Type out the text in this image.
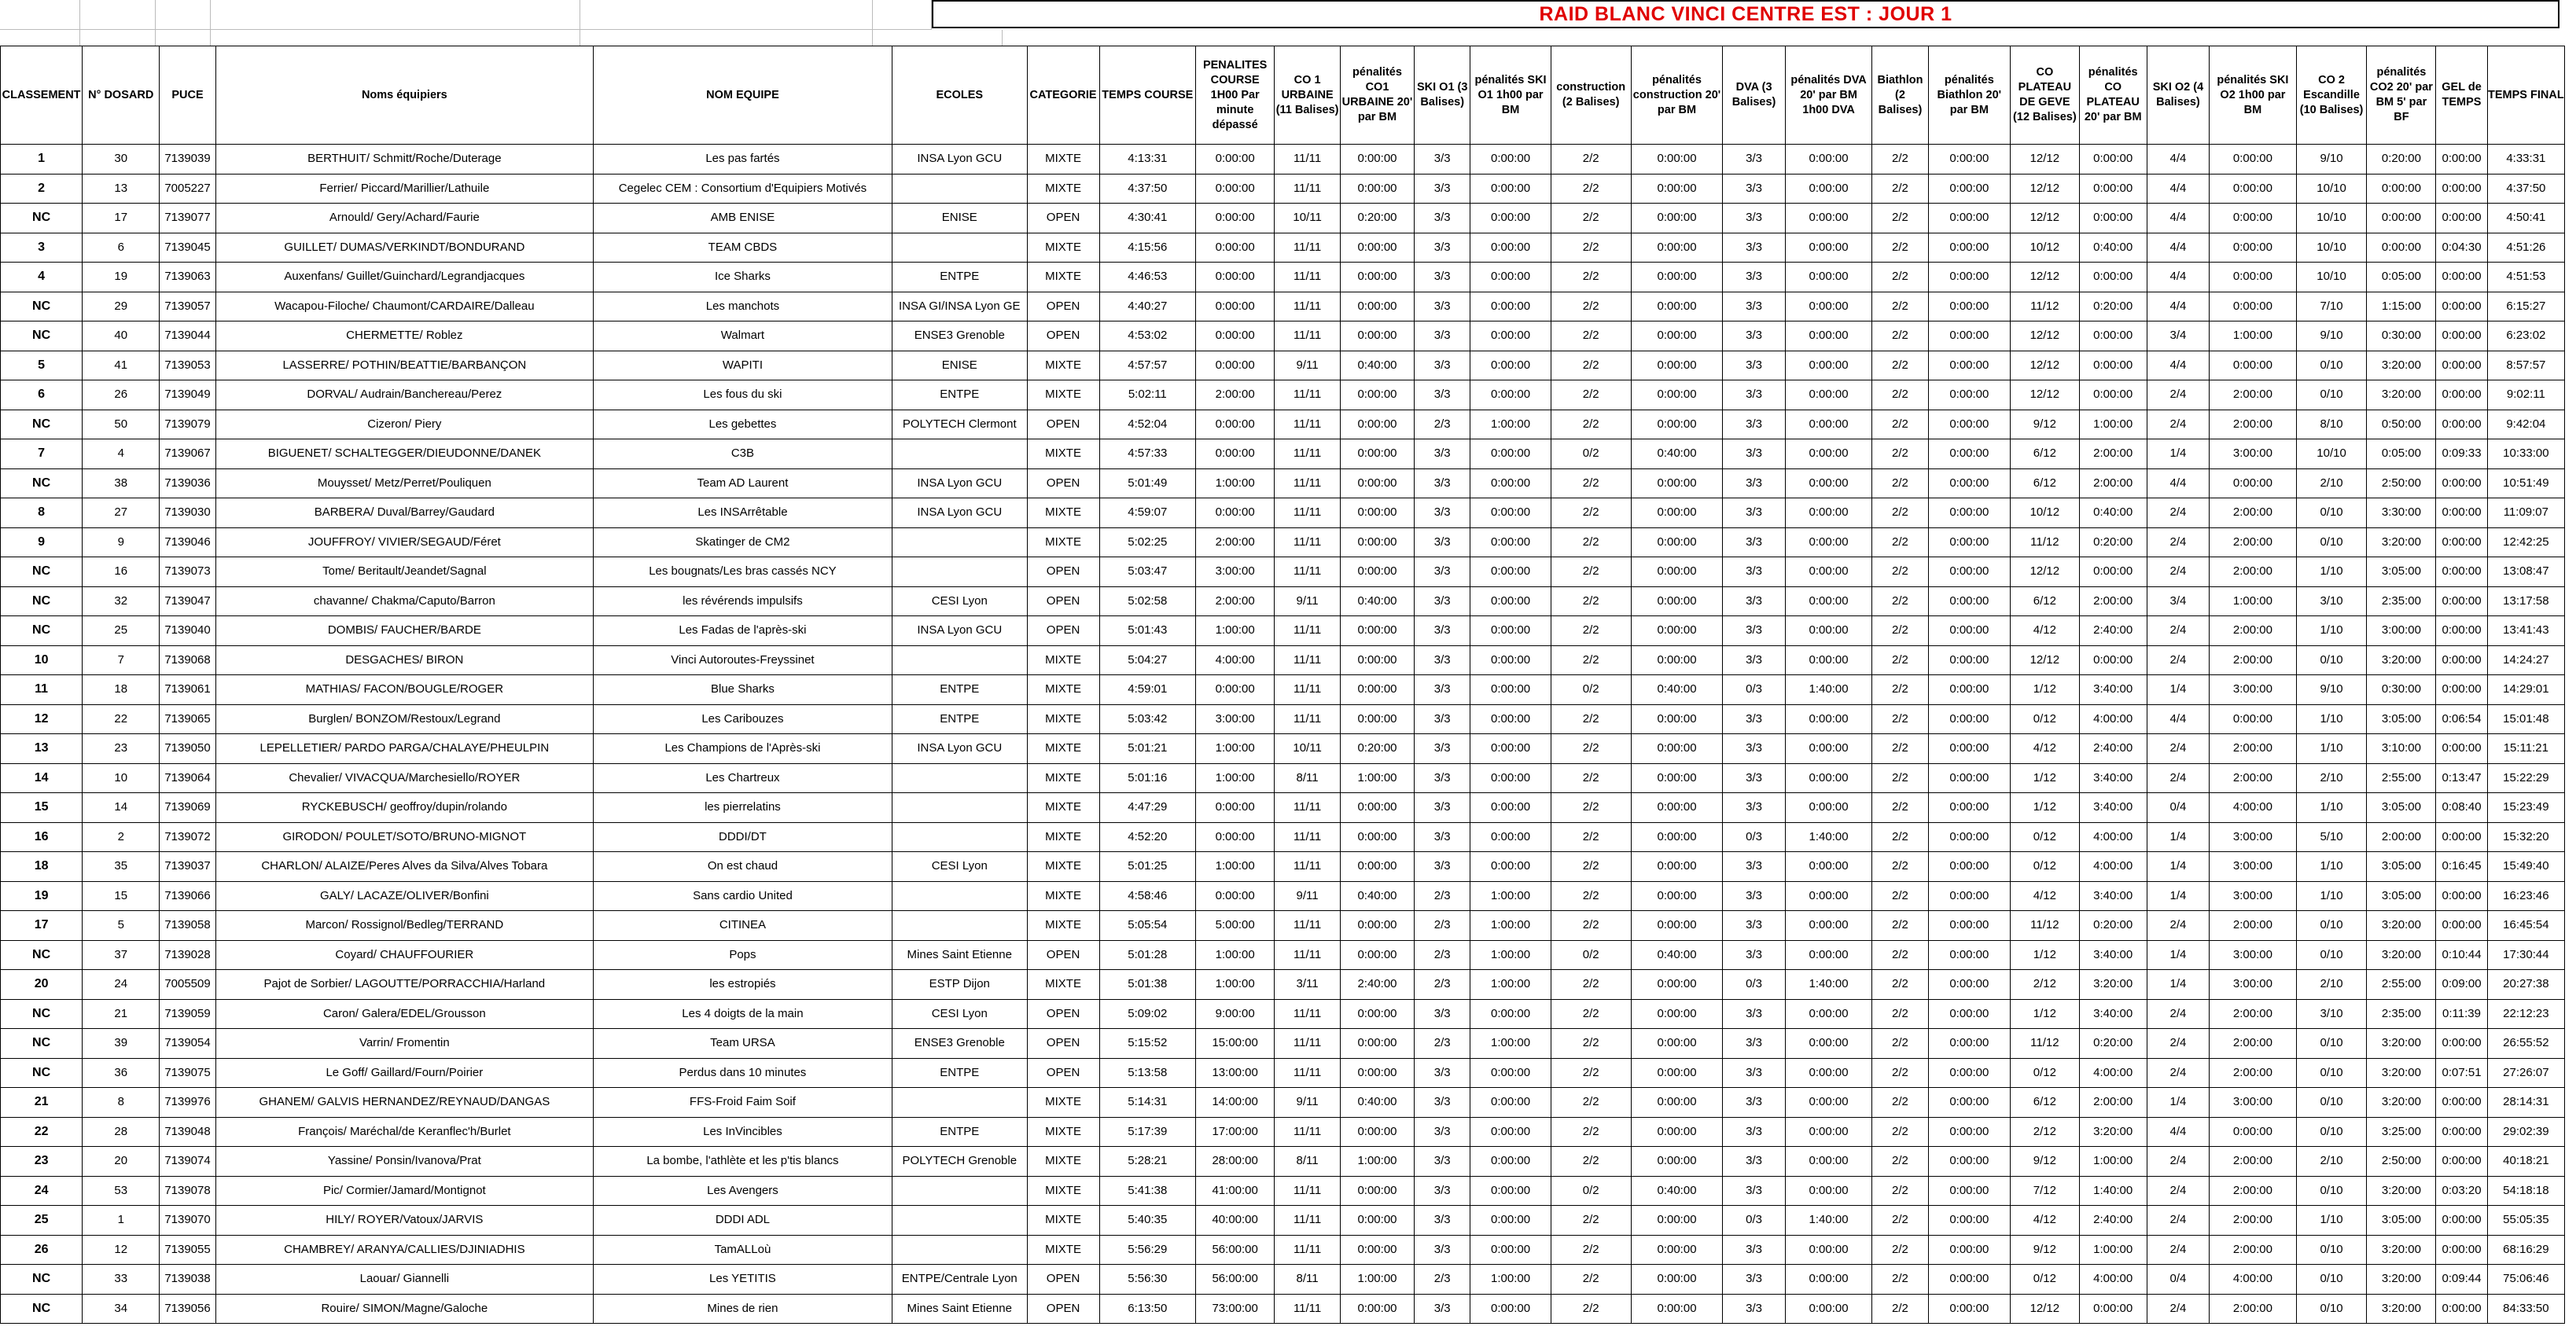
RAID BLANC VINCI CENTRE EST : JOUR 1
CLASSEMENT	N° DOSARD	PUCE	Noms équipiers	NOM EQUIPE	ECOLES	CATEGORIE	TEMPS COURSE	PENALITES COURSE 1H00 Par minute dépassé	CO 1 URBAINE (11 Balises)	pénalités CO1 URBAINE 20' par BM	SKI O1 (3 Balises)	pénalités SKI O1 1h00 par BM	construction (2 Balises)	pénalités construction 20' par BM	DVA (3 Balises)	pénalités DVA 20' par BM 1h00 DVA	Biathlon (2 Balises)	pénalités Biathlon 20' par BM	CO PLATEAU DE GEVE (12 Balises)	pénalités CO PLATEAU 20' par BM	SKI O2 (4 Balises)	pénalités SKI O2 1h00 par BM	CO 2 Escandille (10 Balises)	pénalités CO2 20' par BM 5' par BF	GEL de TEMPS	TEMPS FINAL
1	30	7139039	BERTHUIT/ Schmitt/Roche/Duterage	Les pas fartés	INSA Lyon GCU	MIXTE	4:13:31	0:00:00	11/11	0:00:00	3/3	0:00:00	2/2	0:00:00	3/3	0:00:00	2/2	0:00:00	12/12	0:00:00	4/4	0:00:00	9/10	0:20:00	0:00:00	4:33:31
2	13	7005227	Ferrier/ Piccard/Marillier/Lathuile	Cegelec CEM : Consortium d'Equipiers Motivés		MIXTE	4:37:50	0:00:00	11/11	0:00:00	3/3	0:00:00	2/2	0:00:00	3/3	0:00:00	2/2	0:00:00	12/12	0:00:00	4/4	0:00:00	10/10	0:00:00	0:00:00	4:37:50
NC	17	7139077	Arnould/ Gery/Achard/Faurie	AMB ENISE	ENISE	OPEN	4:30:41	0:00:00	10/11	0:20:00	3/3	0:00:00	2/2	0:00:00	3/3	0:00:00	2/2	0:00:00	12/12	0:00:00	4/4	0:00:00	10/10	0:00:00	0:00:00	4:50:41
3	6	7139045	GUILLET/ DUMAS/VERKINDT/BONDURAND	TEAM CBDS		MIXTE	4:15:56	0:00:00	11/11	0:00:00	3/3	0:00:00	2/2	0:00:00	3/3	0:00:00	2/2	0:00:00	10/12	0:40:00	4/4	0:00:00	10/10	0:00:00	0:04:30	4:51:26
4	19	7139063	Auxenfans/ Guillet/Guinchard/Legrandjacques	Ice Sharks	ENTPE	MIXTE	4:46:53	0:00:00	11/11	0:00:00	3/3	0:00:00	2/2	0:00:00	3/3	0:00:00	2/2	0:00:00	12/12	0:00:00	4/4	0:00:00	10/10	0:05:00	0:00:00	4:51:53
NC	29	7139057	Wacapou-Filoche/ Chaumont/CARDAIRE/Dalleau	Les manchots	INSA GI/INSA Lyon GE	OPEN	4:40:27	0:00:00	11/11	0:00:00	3/3	0:00:00	2/2	0:00:00	3/3	0:00:00	2/2	0:00:00	11/12	0:20:00	4/4	0:00:00	7/10	1:15:00	0:00:00	6:15:27
NC	40	7139044	CHERMETTE/ Roblez	Walmart	ENSE3 Grenoble	OPEN	4:53:02	0:00:00	11/11	0:00:00	3/3	0:00:00	2/2	0:00:00	3/3	0:00:00	2/2	0:00:00	12/12	0:00:00	3/4	1:00:00	9/10	0:30:00	0:00:00	6:23:02
5	41	7139053	LASSERRE/ POTHIN/BEATTIE/BARBANÇON	WAPITI	ENISE	MIXTE	4:57:57	0:00:00	9/11	0:40:00	3/3	0:00:00	2/2	0:00:00	3/3	0:00:00	2/2	0:00:00	12/12	0:00:00	4/4	0:00:00	0/10	3:20:00	0:00:00	8:57:57
6	26	7139049	DORVAL/ Audrain/Banchereau/Perez	Les fous du ski	ENTPE	MIXTE	5:02:11	2:00:00	11/11	0:00:00	3/3	0:00:00	2/2	0:00:00	3/3	0:00:00	2/2	0:00:00	12/12	0:00:00	2/4	2:00:00	0/10	3:20:00	0:00:00	9:02:11
NC	50	7139079	Cizeron/ Piery	Les gebettes	POLYTECH Clermont	OPEN	4:52:04	0:00:00	11/11	0:00:00	2/3	1:00:00	2/2	0:00:00	3/3	0:00:00	2/2	0:00:00	9/12	1:00:00	2/4	2:00:00	8/10	0:50:00	0:00:00	9:42:04
7	4	7139067	BIGUENET/ SCHALTEGGER/DIEUDONNE/DANEK	C3B		MIXTE	4:57:33	0:00:00	11/11	0:00:00	3/3	0:00:00	0/2	0:40:00	3/3	0:00:00	2/2	0:00:00	6/12	2:00:00	1/4	3:00:00	10/10	0:05:00	0:09:33	10:33:00
NC	38	7139036	Mouysset/ Metz/Perret/Pouliquen	Team AD Laurent	INSA Lyon GCU	OPEN	5:01:49	1:00:00	11/11	0:00:00	3/3	0:00:00	2/2	0:00:00	3/3	0:00:00	2/2	0:00:00	6/12	2:00:00	4/4	0:00:00	2/10	2:50:00	0:00:00	10:51:49
8	27	7139030	BARBERA/ Duval/Barrey/Gaudard	Les INSArrêtable	INSA Lyon GCU	MIXTE	4:59:07	0:00:00	11/11	0:00:00	3/3	0:00:00	2/2	0:00:00	3/3	0:00:00	2/2	0:00:00	10/12	0:40:00	2/4	2:00:00	0/10	3:30:00	0:00:00	11:09:07
9	9	7139046	JOUFFROY/ VIVIER/SEGAUD/Féret	Skatinger de CM2		MIXTE	5:02:25	2:00:00	11/11	0:00:00	3/3	0:00:00	2/2	0:00:00	3/3	0:00:00	2/2	0:00:00	11/12	0:20:00	2/4	2:00:00	0/10	3:20:00	0:00:00	12:42:25
NC	16	7139073	Tome/ Beritault/Jeandet/Sagnal	Les bougnats/Les bras cassés NCY		OPEN	5:03:47	3:00:00	11/11	0:00:00	3/3	0:00:00	2/2	0:00:00	3/3	0:00:00	2/2	0:00:00	12/12	0:00:00	2/4	2:00:00	1/10	3:05:00	0:00:00	13:08:47
NC	32	7139047	chavanne/ Chakma/Caputo/Barron	les révérends impulsifs	CESI Lyon	OPEN	5:02:58	2:00:00	9/11	0:40:00	3/3	0:00:00	2/2	0:00:00	3/3	0:00:00	2/2	0:00:00	6/12	2:00:00	3/4	1:00:00	3/10	2:35:00	0:00:00	13:17:58
NC	25	7139040	DOMBIS/ FAUCHER/BARDE	Les Fadas de l'après-ski	INSA Lyon GCU	OPEN	5:01:43	1:00:00	11/11	0:00:00	3/3	0:00:00	2/2	0:00:00	3/3	0:00:00	2/2	0:00:00	4/12	2:40:00	2/4	2:00:00	1/10	3:00:00	0:00:00	13:41:43
10	7	7139068	DESGACHES/ BIRON	Vinci Autoroutes-Freyssinet		MIXTE	5:04:27	4:00:00	11/11	0:00:00	3/3	0:00:00	2/2	0:00:00	3/3	0:00:00	2/2	0:00:00	12/12	0:00:00	2/4	2:00:00	0/10	3:20:00	0:00:00	14:24:27
11	18	7139061	MATHIAS/ FACON/BOUGLE/ROGER	Blue Sharks	ENTPE	MIXTE	4:59:01	0:00:00	11/11	0:00:00	3/3	0:00:00	0/2	0:40:00	0/3	1:40:00	2/2	0:00:00	1/12	3:40:00	1/4	3:00:00	9/10	0:30:00	0:00:00	14:29:01
12	22	7139065	Burglen/ BONZOM/Restoux/Legrand	Les Caribouzes	ENTPE	MIXTE	5:03:42	3:00:00	11/11	0:00:00	3/3	0:00:00	2/2	0:00:00	3/3	0:00:00	2/2	0:00:00	0/12	4:00:00	4/4	0:00:00	1/10	3:05:00	0:06:54	15:01:48
13	23	7139050	LEPELLETIER/ PARDO PARGA/CHALAYE/PHEULPIN	Les Champions de l'Après-ski	INSA Lyon GCU	MIXTE	5:01:21	1:00:00	10/11	0:20:00	3/3	0:00:00	2/2	0:00:00	3/3	0:00:00	2/2	0:00:00	4/12	2:40:00	2/4	2:00:00	1/10	3:10:00	0:00:00	15:11:21
14	10	7139064	Chevalier/ VIVACQUA/Marchesiello/ROYER	Les Chartreux		MIXTE	5:01:16	1:00:00	8/11	1:00:00	3/3	0:00:00	2/2	0:00:00	3/3	0:00:00	2/2	0:00:00	1/12	3:40:00	2/4	2:00:00	2/10	2:55:00	0:13:47	15:22:29
15	14	7139069	RYCKEBUSCH/ geoffroy/dupin/rolando	les pierrelatins		MIXTE	4:47:29	0:00:00	11/11	0:00:00	3/3	0:00:00	2/2	0:00:00	3/3	0:00:00	2/2	0:00:00	1/12	3:40:00	0/4	4:00:00	1/10	3:05:00	0:08:40	15:23:49
16	2	7139072	GIRODON/ POULET/SOTO/BRUNO-MIGNOT	DDDI/DT		MIXTE	4:52:20	0:00:00	11/11	0:00:00	3/3	0:00:00	2/2	0:00:00	0/3	1:40:00	2/2	0:00:00	0/12	4:00:00	1/4	3:00:00	5/10	2:00:00	0:00:00	15:32:20
18	35	7139037	CHARLON/ ALAIZE/Peres Alves da Silva/Alves Tobara	On est chaud	CESI Lyon	MIXTE	5:01:25	1:00:00	11/11	0:00:00	3/3	0:00:00	2/2	0:00:00	3/3	0:00:00	2/2	0:00:00	0/12	4:00:00	1/4	3:00:00	1/10	3:05:00	0:16:45	15:49:40
19	15	7139066	GALY/ LACAZE/OLIVER/Bonfini	Sans cardio United		MIXTE	4:58:46	0:00:00	9/11	0:40:00	2/3	1:00:00	2/2	0:00:00	3/3	0:00:00	2/2	0:00:00	4/12	3:40:00	1/4	3:00:00	1/10	3:05:00	0:00:00	16:23:46
17	5	7139058	Marcon/ Rossignol/Bedleg/TERRAND	CITINEA		MIXTE	5:05:54	5:00:00	11/11	0:00:00	2/3	1:00:00	2/2	0:00:00	3/3	0:00:00	2/2	0:00:00	11/12	0:20:00	2/4	2:00:00	0/10	3:20:00	0:00:00	16:45:54
NC	37	7139028	Coyard/ CHAUFFOURIER	Pops	Mines Saint Etienne	OPEN	5:01:28	1:00:00	11/11	0:00:00	2/3	1:00:00	0/2	0:40:00	3/3	0:00:00	2/2	0:00:00	1/12	3:40:00	1/4	3:00:00	0/10	3:20:00	0:10:44	17:30:44
20	24	7005509	Pajot de Sorbier/ LAGOUTTE/PORRACCHIA/Harland	les estropiés	ESTP Dijon	MIXTE	5:01:38	1:00:00	3/11	2:40:00	2/3	1:00:00	2/2	0:00:00	0/3	1:40:00	2/2	0:00:00	2/12	3:20:00	1/4	3:00:00	2/10	2:55:00	0:09:00	20:27:38
NC	21	7139059	Caron/ Galera/EDEL/Grousson	Les 4 doigts de la main	CESI Lyon	OPEN	5:09:02	9:00:00	11/11	0:00:00	3/3	0:00:00	2/2	0:00:00	3/3	0:00:00	2/2	0:00:00	1/12	3:40:00	2/4	2:00:00	3/10	2:35:00	0:11:39	22:12:23
NC	39	7139054	Varrin/ Fromentin	Team URSA	ENSE3 Grenoble	OPEN	5:15:52	15:00:00	11/11	0:00:00	2/3	1:00:00	2/2	0:00:00	3/3	0:00:00	2/2	0:00:00	11/12	0:20:00	2/4	2:00:00	0/10	3:20:00	0:00:00	26:55:52
NC	36	7139075	Le Goff/ Gaillard/Fourn/Poirier	Perdus dans 10 minutes	ENTPE	OPEN	5:13:58	13:00:00	11/11	0:00:00	3/3	0:00:00	2/2	0:00:00	3/3	0:00:00	2/2	0:00:00	0/12	4:00:00	2/4	2:00:00	0/10	3:20:00	0:07:51	27:26:07
21	8	7139976	GHANEM/ GALVIS HERNANDEZ/REYNAUD/DANGAS	FFS-Froid Faim Soif		MIXTE	5:14:31	14:00:00	9/11	0:40:00	3/3	0:00:00	2/2	0:00:00	3/3	0:00:00	2/2	0:00:00	6/12	2:00:00	1/4	3:00:00	0/10	3:20:00	0:00:00	28:14:31
22	28	7139048	François/ Maréchal/de Keranflec'h/Burlet	Les InVincibles	ENTPE	MIXTE	5:17:39	17:00:00	11/11	0:00:00	3/3	0:00:00	2/2	0:00:00	3/3	0:00:00	2/2	0:00:00	2/12	3:20:00	4/4	0:00:00	0/10	3:25:00	0:00:00	29:02:39
23	20	7139074	Yassine/ Ponsin/Ivanova/Prat	La bombe, l'athlète et les p'tis blancs	POLYTECH Grenoble	MIXTE	5:28:21	28:00:00	8/11	1:00:00	3/3	0:00:00	2/2	0:00:00	3/3	0:00:00	2/2	0:00:00	9/12	1:00:00	2/4	2:00:00	2/10	2:50:00	0:00:00	40:18:21
24	53	7139078	Pic/ Cormier/Jamard/Montignot	Les Avengers		MIXTE	5:41:38	41:00:00	11/11	0:00:00	3/3	0:00:00	0/2	0:40:00	3/3	0:00:00	2/2	0:00:00	7/12	1:40:00	2/4	2:00:00	0/10	3:20:00	0:03:20	54:18:18
25	1	7139070	HILY/ ROYER/Vatoux/JARVIS	DDDI ADL		MIXTE	5:40:35	40:00:00	11/11	0:00:00	3/3	0:00:00	2/2	0:00:00	0/3	1:40:00	2/2	0:00:00	4/12	2:40:00	2/4	2:00:00	1/10	3:05:00	0:00:00	55:05:35
26	12	7139055	CHAMBREY/ ARANYA/CALLIES/DJINIADHIS	TamALLoù		MIXTE	5:56:29	56:00:00	11/11	0:00:00	3/3	0:00:00	2/2	0:00:00	3/3	0:00:00	2/2	0:00:00	9/12	1:00:00	2/4	2:00:00	0/10	3:20:00	0:00:00	68:16:29
NC	33	7139038	Laouar/ Giannelli	Les YETITIS	ENTPE/Centrale Lyon	OPEN	5:56:30	56:00:00	8/11	1:00:00	2/3	1:00:00	2/2	0:00:00	3/3	0:00:00	2/2	0:00:00	0/12	4:00:00	0/4	4:00:00	0/10	3:20:00	0:09:44	75:06:46
NC	34	7139056	Rouire/ SIMON/Magne/Galoche	Mines de rien	Mines Saint Etienne	OPEN	6:13:50	73:00:00	11/11	0:00:00	3/3	0:00:00	2/2	0:00:00	3/3	0:00:00	2/2	0:00:00	12/12	0:00:00	2/4	2:00:00	0/10	3:20:00	0:00:00	84:33:50
